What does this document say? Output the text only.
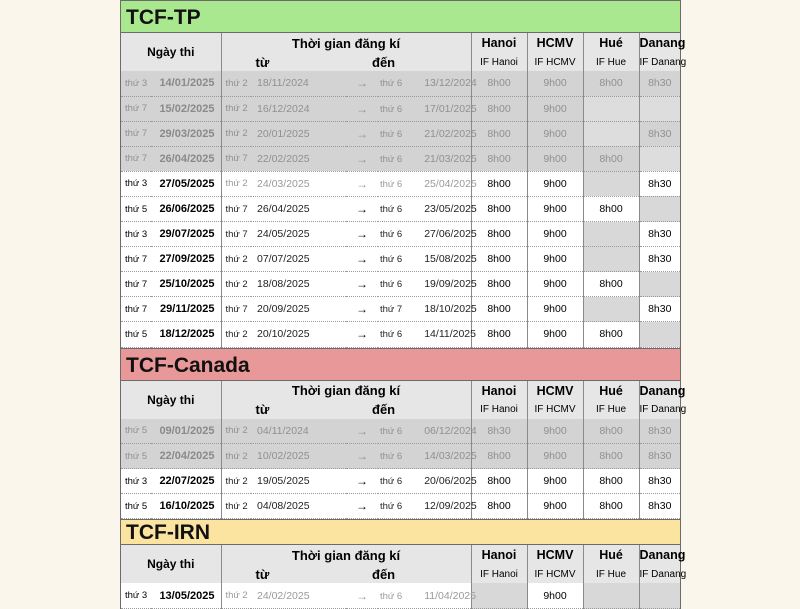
TCF-TP
Ngày thi		Thời gian đăng kí				Hanoi	HCMV	Hué	Danang
		từ		đến		IF Hanoi	IF HCMV	IF Hue	IF Danang
thứ 3	14/01/2025	thứ 2	18/11/2024	→	thứ 6 13/12/2024	8h00	9h00	8h00	8h30
thứ 7	15/02/2025	thứ 2	16/12/2024	→	thứ 6 17/01/2025	8h00	9h00		
thứ 7	29/03/2025	thứ 2	20/01/2025	→	thứ 6 21/02/2025	8h00	9h00		8h30
thứ 7	26/04/2025	thứ 7	22/02/2025	→	thứ 6 21/03/2025	8h00	9h00	8h00	
thứ 3	27/05/2025	thứ 2	24/03/2025	→	thứ 6 25/04/2025	8h00	9h00		8h30
thứ 5	26/06/2025	thứ 7	26/04/2025	→	thứ 6 23/05/2025	8h00	9h00	8h00	
thứ 3	29/07/2025	thứ 7	24/05/2025	→	thứ 6 27/06/2025	8h00	9h00		8h30
thứ 7	27/09/2025	thứ 2	07/07/2025	→	thứ 6 15/08/2025	8h00	9h00		8h30
thứ 7	25/10/2025	thứ 2	18/08/2025	→	thứ 6 19/09/2025	8h00	9h00	8h00	
thứ 7	29/11/2025	thứ 7	20/09/2025	→	thứ 7 18/10/2025	8h00	9h00		8h30
thứ 5	18/12/2025	thứ 2	20/10/2025	→	thứ 6 14/11/2025	8h00	9h00	8h00	
TCF-Canada
Ngày thi		Thời gian đăng kí				Hanoi	HCMV	Hué	Danang
		từ		đến		IF Hanoi	IF HCMV	IF Hue	IF Danang
thứ 5	09/01/2025	thứ 2	04/11/2024	→	thứ 6 06/12/2024	8h30	9h00	8h00	8h30
thứ 5	22/04/2025	thứ 2	10/02/2025	→	thứ 6 14/03/2025	8h00	9h00	8h00	8h30
thứ 3	22/07/2025	thứ 2	19/05/2025	→	thứ 6 20/06/2025	8h00	9h00	8h00	8h30
thứ 5	16/10/2025	thứ 2	04/08/2025	→	thứ 6 12/09/2025	8h00	9h00	8h00	8h30
TCF-IRN
Ngày thi		Thời gian đăng kí				Hanoi	HCMV	Hué	Danang
		từ		đến		IF Hanoi	IF HCMV	IF Hue	IF Danang
thứ 3	13/05/2025	thứ 2	24/02/2025	→	thứ 6 11/04/2025		9h00		
